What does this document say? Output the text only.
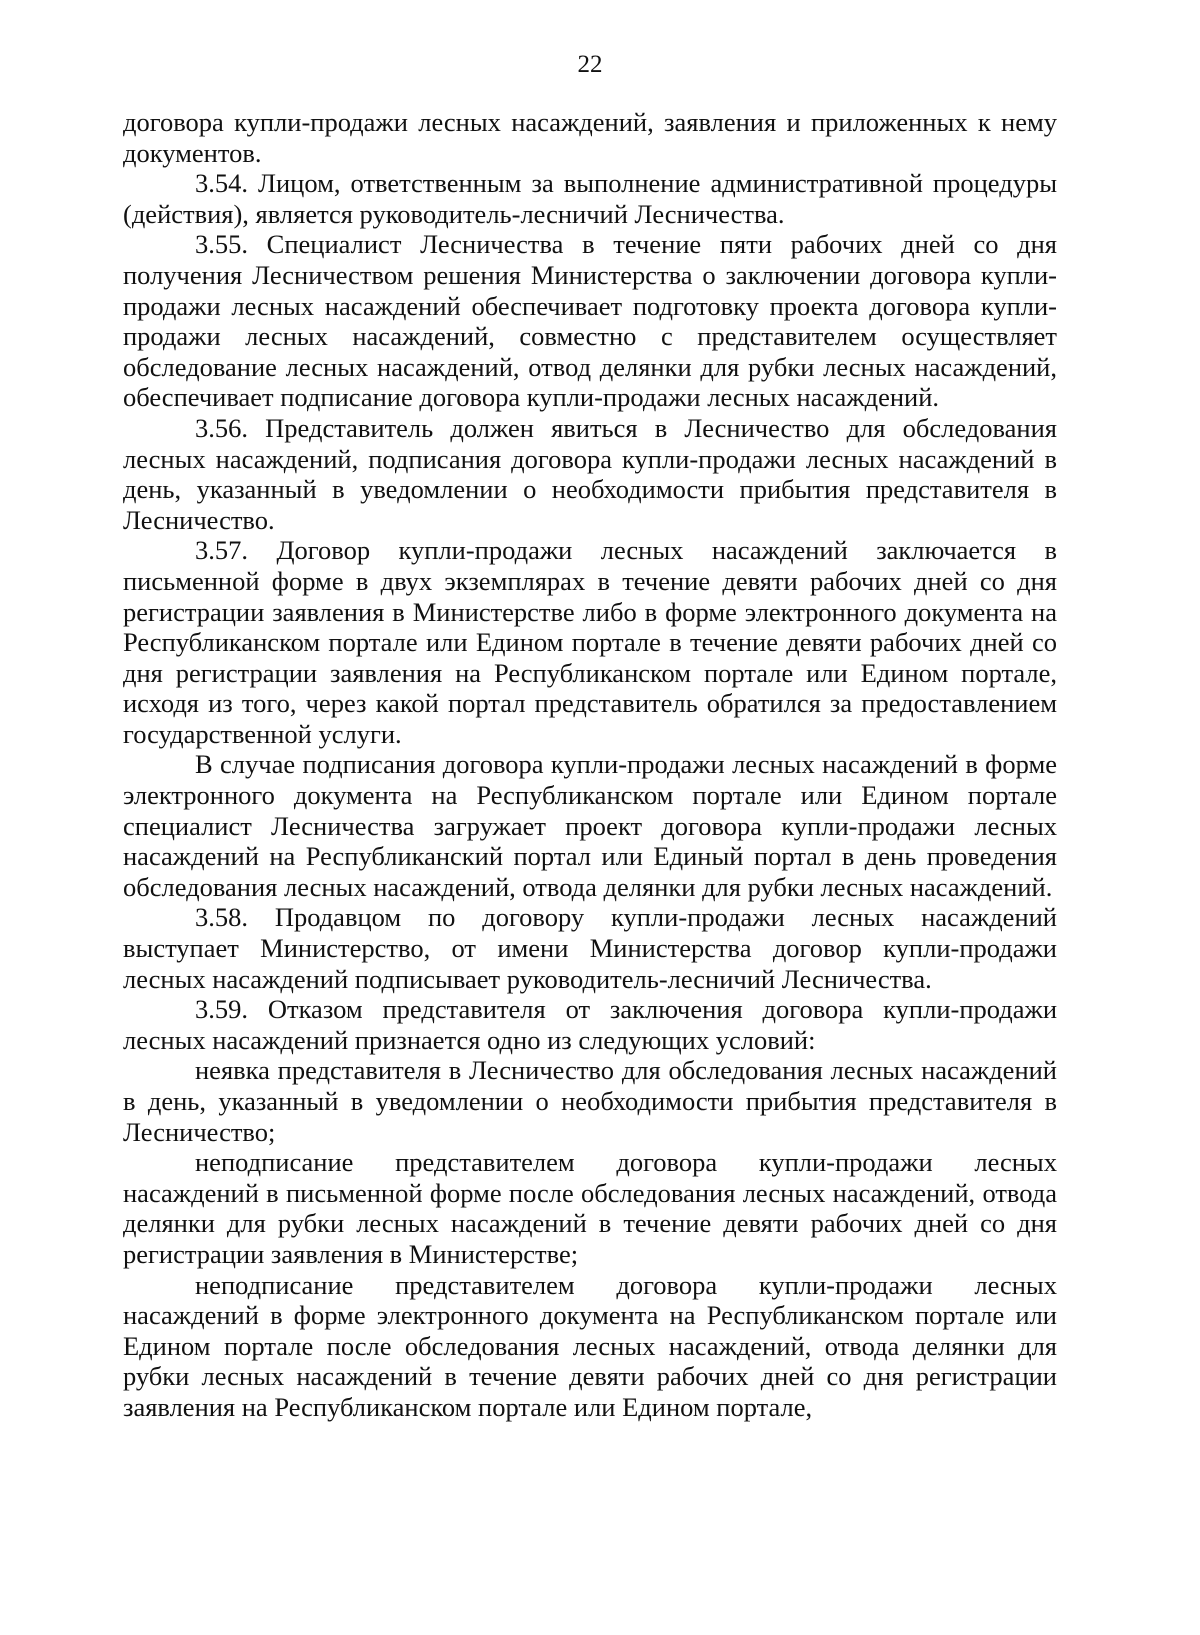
22

договора купли-продажи лесных насаждений, заявления и приложенных к нему документов.

3.54. Лицом, ответственным за выполнение административной процедуры (действия), является руководитель-лесничий Лесничества.

3.55. Специалист Лесничества в течение пяти рабочих дней со дня получения Лесничеством решения Министерства о заключении договора купли-продажи лесных насаждений обеспечивает подготовку проекта договора купли-продажи лесных насаждений, совместно с представителем осуществляет обследование лесных насаждений, отвод делянки для рубки лесных насаждений, обеспечивает подписание договора купли-продажи лесных насаждений.

3.56. Представитель должен явиться в Лесничество для обследования лесных насаждений, подписания договора купли-продажи лесных насаждений в день, указанный в уведомлении о необходимости прибытия представителя в Лесничество.

3.57. Договор купли-продажи лесных насаждений заключается в письменной форме в двух экземплярах в течение девяти рабочих дней со дня регистрации заявления в Министерстве либо в форме электронного документа на Республиканском портале или Едином портале в течение девяти рабочих дней со дня регистрации заявления на Республиканском портале или Едином портале, исходя из того, через какой портал представитель обратился за предоставлением государственной услуги.

В случае подписания договора купли-продажи лесных насаждений в форме электронного документа на Республиканском портале или Едином портале специалист Лесничества загружает проект договора купли-продажи лесных насаждений на Республиканский портал или Единый портал в день проведения обследования лесных насаждений, отвода делянки для рубки лесных насаждений.

3.58. Продавцом по договору купли-продажи лесных насаждений выступает Министерство, от имени Министерства договор купли-продажи лесных насаждений подписывает руководитель-лесничий Лесничества.

3.59. Отказом представителя от заключения договора купли-продажи лесных насаждений признается одно из следующих условий:

неявка представителя в Лесничество для обследования лесных насаждений в день, указанный в уведомлении о необходимости прибытия представителя в Лесничество;

неподписание представителем договора купли-продажи лесных насаждений в письменной форме после обследования лесных насаждений, отвода делянки для рубки лесных насаждений в течение девяти рабочих дней со дня регистрации заявления в Министерстве;

неподписание представителем договора купли-продажи лесных насаждений в форме электронного документа на Республиканском портале или Едином портале после обследования лесных насаждений, отвода делянки для рубки лесных насаждений в течение девяти рабочих дней со дня регистрации заявления на Республиканском портале или Едином портале,
